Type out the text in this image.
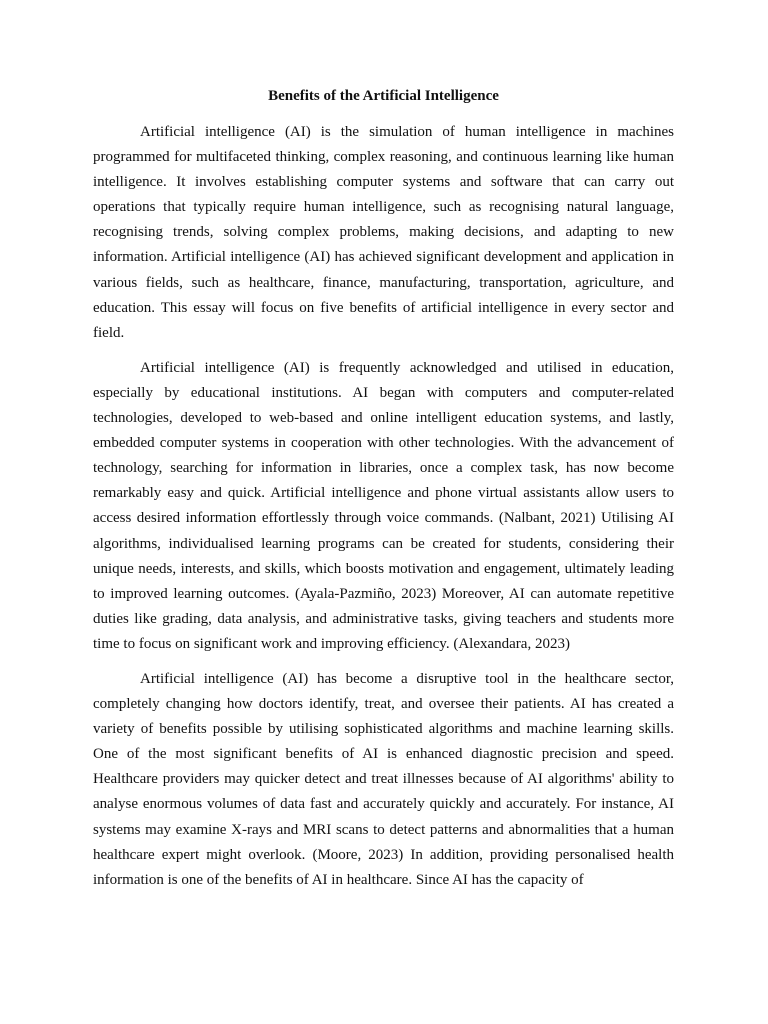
Benefits of the Artificial Intelligence

Artificial intelligence (AI) is the simulation of human intelligence in machines programmed for multifaceted thinking, complex reasoning, and continuous learning like human intelligence. It involves establishing computer systems and software that can carry out operations that typically require human intelligence, such as recognising natural language, recognising trends, solving complex problems, making decisions, and adapting to new information. Artificial intelligence (AI) has achieved significant development and application in various fields, such as healthcare, finance, manufacturing, transportation, agriculture, and education. This essay will focus on five benefits of artificial intelligence in every sector and field.

Artificial intelligence (AI) is frequently acknowledged and utilised in education, especially by educational institutions. AI began with computers and computer-related technologies, developed to web-based and online intelligent education systems, and lastly, embedded computer systems in cooperation with other technologies. With the advancement of technology, searching for information in libraries, once a complex task, has now become remarkably easy and quick. Artificial intelligence and phone virtual assistants allow users to access desired information effortlessly through voice commands. (Nalbant, 2021) Utilising AI algorithms, individualised learning programs can be created for students, considering their unique needs, interests, and skills, which boosts motivation and engagement, ultimately leading to improved learning outcomes. (Ayala-Pazmiño, 2023) Moreover, AI can automate repetitive duties like grading, data analysis, and administrative tasks, giving teachers and students more time to focus on significant work and improving efficiency. (Alexandara, 2023)

Artificial intelligence (AI) has become a disruptive tool in the healthcare sector, completely changing how doctors identify, treat, and oversee their patients. AI has created a variety of benefits possible by utilising sophisticated algorithms and machine learning skills. One of the most significant benefits of AI is enhanced diagnostic precision and speed. Healthcare providers may quicker detect and treat illnesses because of AI algorithms' ability to analyse enormous volumes of data fast and accurately quickly and accurately. For instance, AI systems may examine X-rays and MRI scans to detect patterns and abnormalities that a human healthcare expert might overlook. (Moore, 2023) In addition, providing personalised health information is one of the benefits of AI in healthcare. Since AI has the capacity of
